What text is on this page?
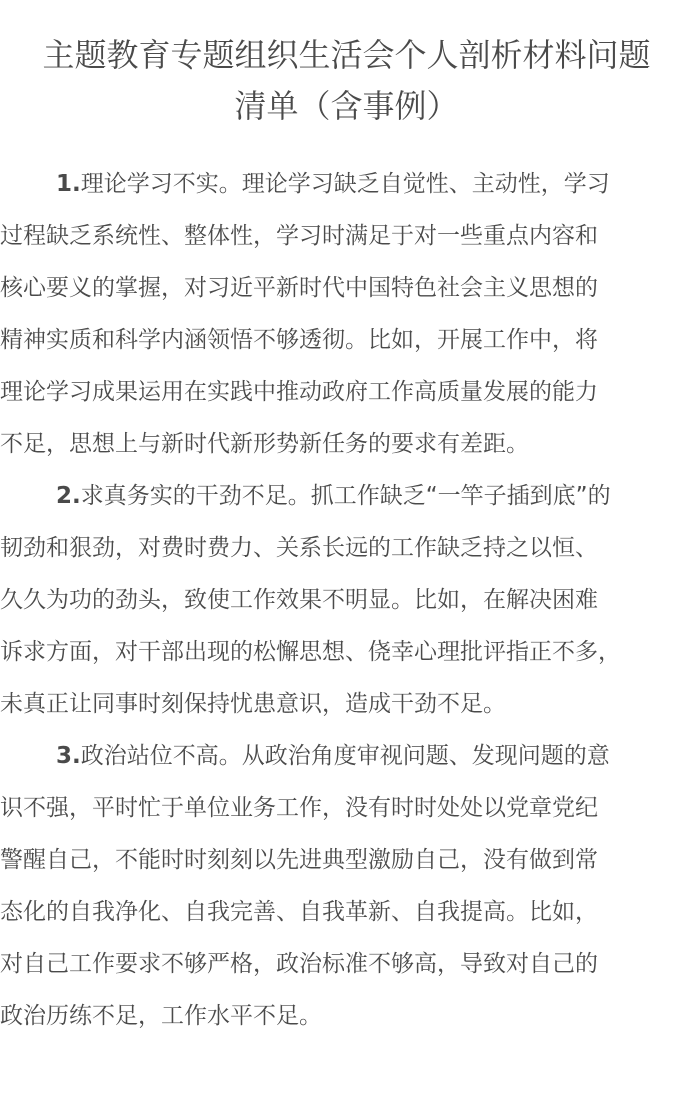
主题教育专题组织生活会个人剖析材料问题
清单（含事例）

1.理论学习不实。理论学习缺乏自觉性、主动性，学习
过程缺乏系统性、整体性，学习时满足于对一些重点内容和
核心要义的掌握，对习近平新时代中国特色社会主义思想的
精神实质和科学内涵领悟不够透彻。比如，开展工作中，将
理论学习成果运用在实践中推动政府工作高质量发展的能力
不足，思想上与新时代新形势新任务的要求有差距。

2.求真务实的干劲不足。抓工作缺乏“一竿子插到底”的
韧劲和狠劲，对费时费力、关系长远的工作缺乏持之以恒、
久久为功的劲头，致使工作效果不明显。比如，在解决困难
诉求方面，对干部出现的松懈思想、侥幸心理批评指正不多，
未真正让同事时刻保持忧患意识，造成干劲不足。

3.政治站位不高。从政治角度审视问题、发现问题的意
识不强，平时忙于单位业务工作，没有时时处处以党章党纪
警醒自己，不能时时刻刻以先进典型激励自己，没有做到常
态化的自我净化、自我完善、自我革新、自我提高。比如，
对自己工作要求不够严格，政治标准不够高，导致对自己的
政治历练不足，工作水平不足。
